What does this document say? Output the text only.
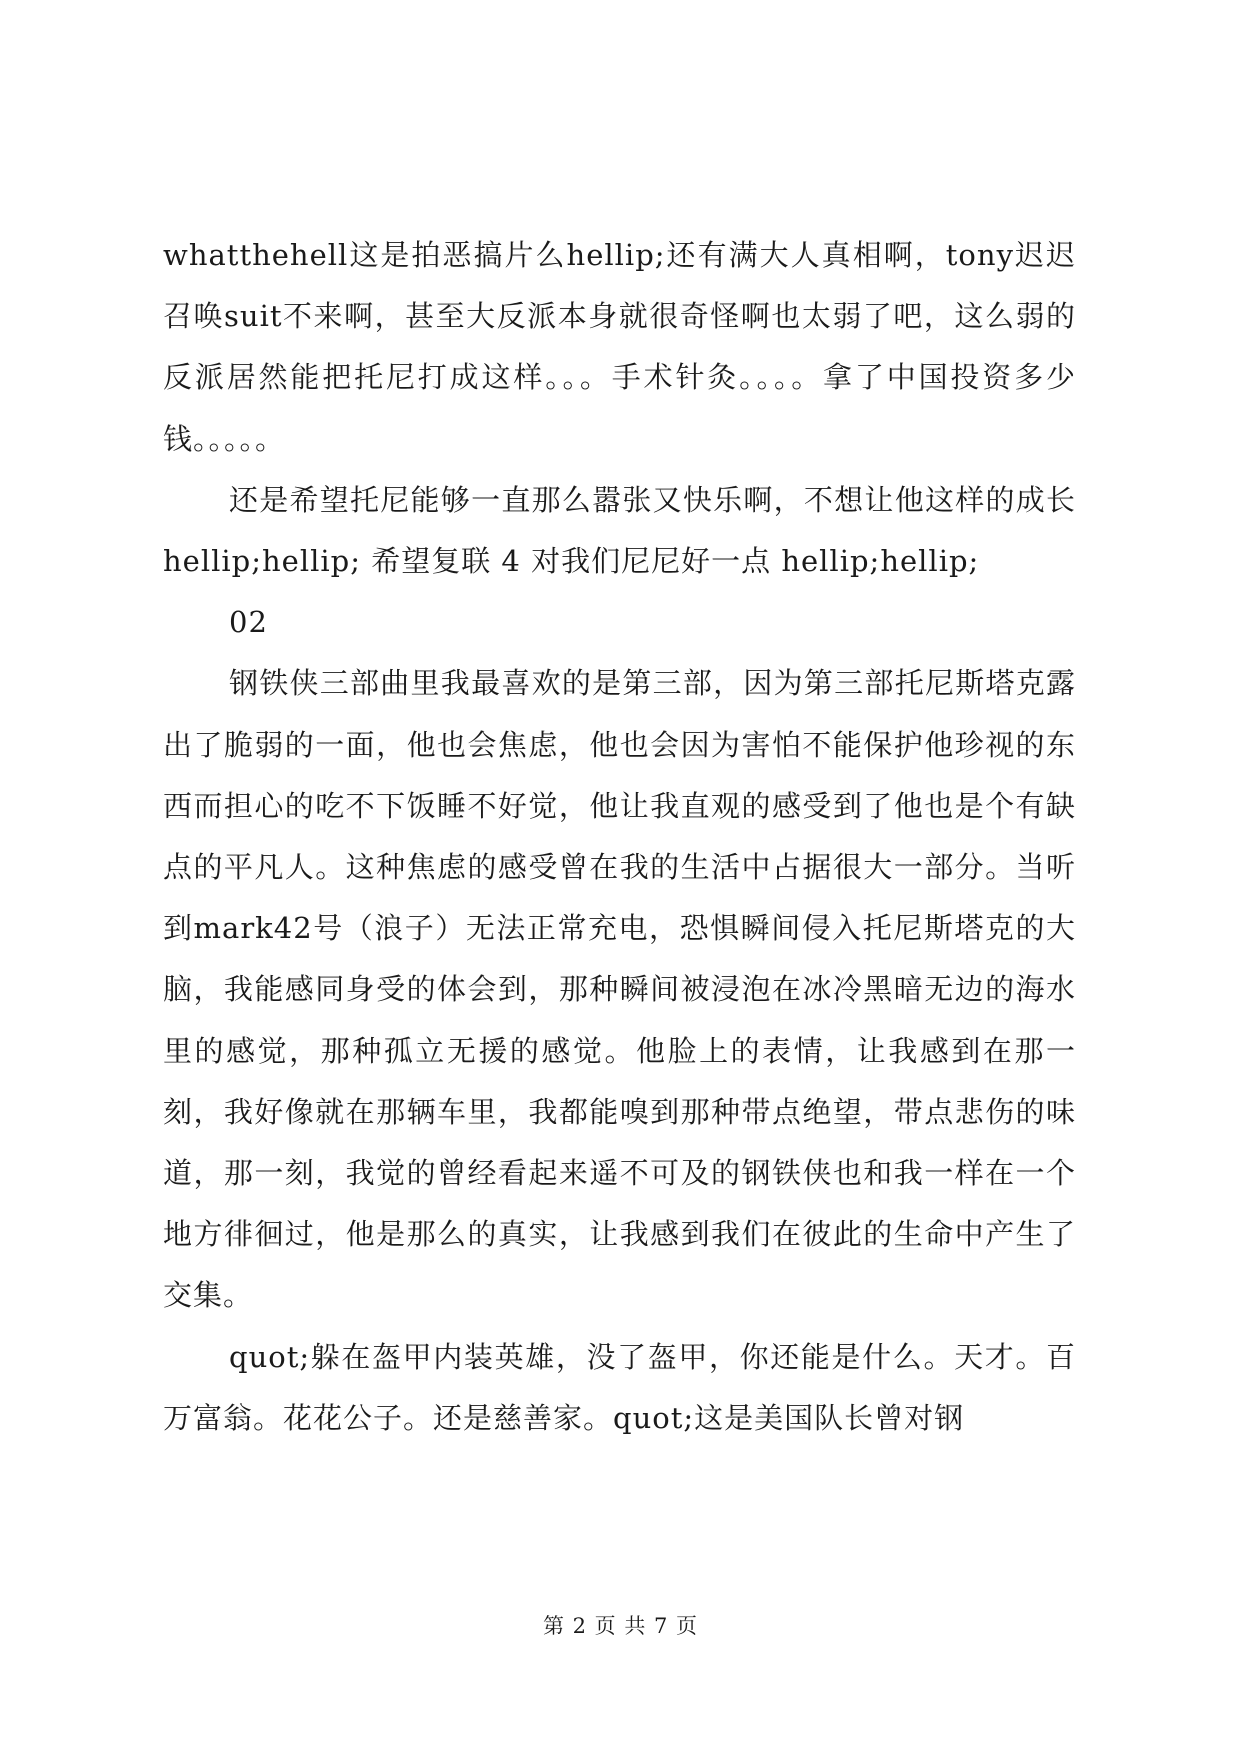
whatthehell这是拍恶搞片么hellip;还有满大人真相啊，tony迟迟召唤suit不来啊，甚至大反派本身就很奇怪啊也太弱了吧，这么弱的反派居然能把托尼打成这样。。。手术针灸。。。。拿了中国投资多少钱。。。。。

还是希望托尼能够一直那么嚣张又快乐啊，不想让他这样的成长 hellip;hellip; 希望复联 4 对我们尼尼好一点 hellip;hellip;

02

钢铁侠三部曲里我最喜欢的是第三部，因为第三部托尼斯塔克露出了脆弱的一面，他也会焦虑，他也会因为害怕不能保护他珍视的东西而担心的吃不下饭睡不好觉，他让我直观的感受到了他也是个有缺点的平凡人。这种焦虑的感受曾在我的生活中占据很大一部分。当听到mark42号（浪子）无法正常充电，恐惧瞬间侵入托尼斯塔克的大脑，我能感同身受的体会到，那种瞬间被浸泡在冰冷黑暗无边的海水里的感觉，那种孤立无援的感觉。他脸上的表情，让我感到在那一刻，我好像就在那辆车里，我都能嗅到那种带点绝望，带点悲伤的味道，那一刻，我觉的曾经看起来遥不可及的钢铁侠也和我一样在一个地方徘徊过，他是那么的真实，让我感到我们在彼此的生命中产生了交集。

quot;躲在盔甲内装英雄，没了盔甲，你还能是什么。天才。百万富翁。花花公子。还是慈善家。quot;这是美国队长曾对钢

第 2 页 共 7 页
